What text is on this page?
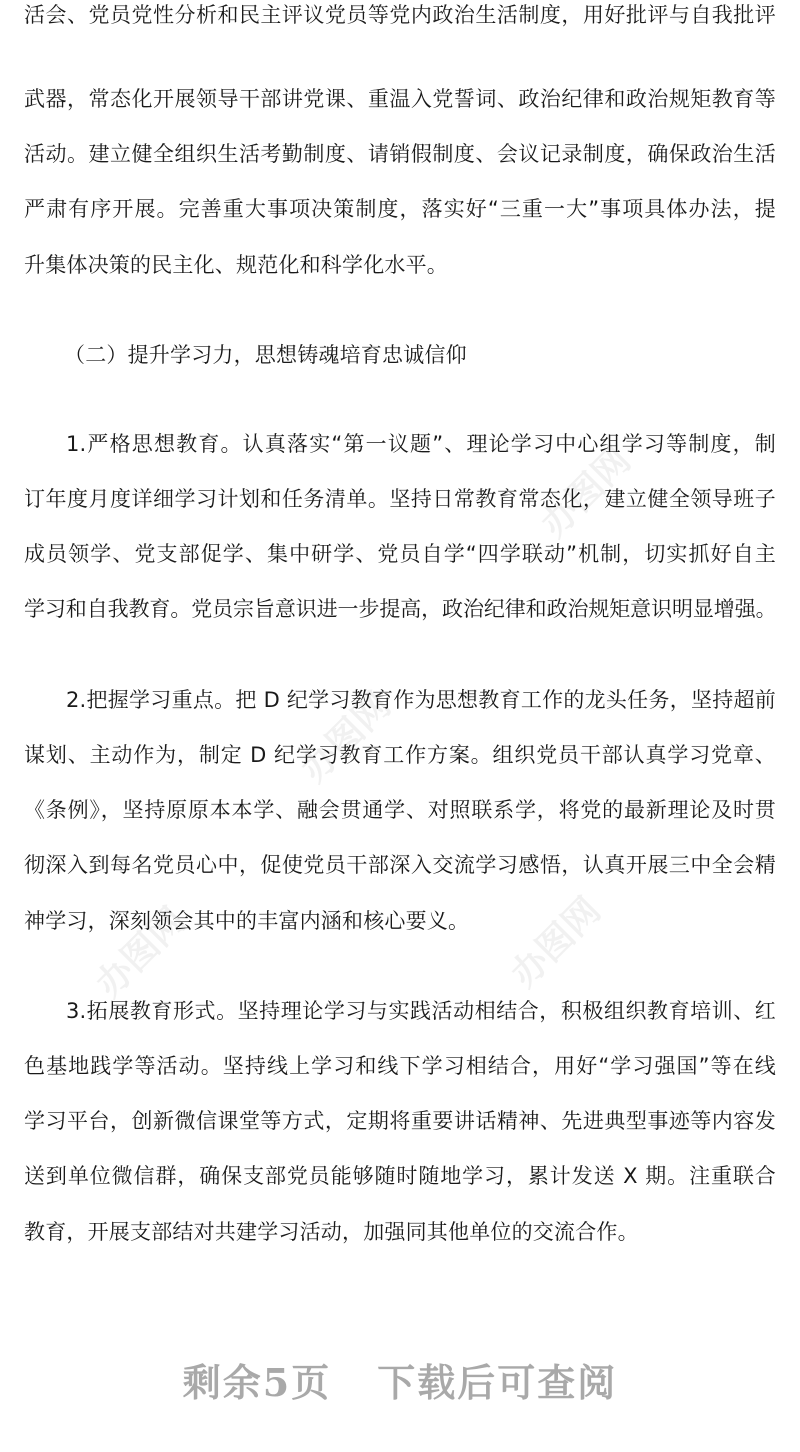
办图网
办图网
办图网
办图网
活会、党员党性分析和民主评议党员等党内政治生活制度，用好批评与自我批评
武器，常态化开展领导干部讲党课、重温入党誓词、政治纪律和政治规矩教育等
活动。建立健全组织生活考勤制度、请销假制度、会议记录制度，确保政治生活
严肃有序开展。完善重大事项决策制度，落实好“三重一大”事项具体办法，提
升集体决策的民主化、规范化和科学化水平。
（二）提升学习力，思想铸魂培育忠诚信仰
1.严格思想教育。认真落实“第一议题”、理论学习中心组学习等制度，制
订年度月度详细学习计划和任务清单。坚持日常教育常态化，建立健全领导班子
成员领学、党支部促学、集中研学、党员自学“四学联动”机制，切实抓好自主
学习和自我教育。党员宗旨意识进一步提高，政治纪律和政治规矩意识明显增强。
2.把握学习重点。把 D 纪学习教育作为思想教育工作的龙头任务，坚持超前
谋划、主动作为，制定 D 纪学习教育工作方案。组织党员干部认真学习党章、
《条例》，坚持原原本本学、融会贯通学、对照联系学，将党的最新理论及时贯
彻深入到每名党员心中，促使党员干部深入交流学习感悟，认真开展三中全会精
神学习，深刻领会其中的丰富内涵和核心要义。
3.拓展教育形式。坚持理论学习与实践活动相结合，积极组织教育培训、红
色基地践学等活动。坚持线上学习和线下学习相结合，用好“学习强国”等在线
学习平台，创新微信课堂等方式，定期将重要讲话精神、先进典型事迹等内容发
送到单位微信群，确保支部党员能够随时随地学习，累计发送 X 期。注重联合
教育，开展支部结对共建学习活动，加强同其他单位的交流合作。
剩余5页 下载后可查阅
